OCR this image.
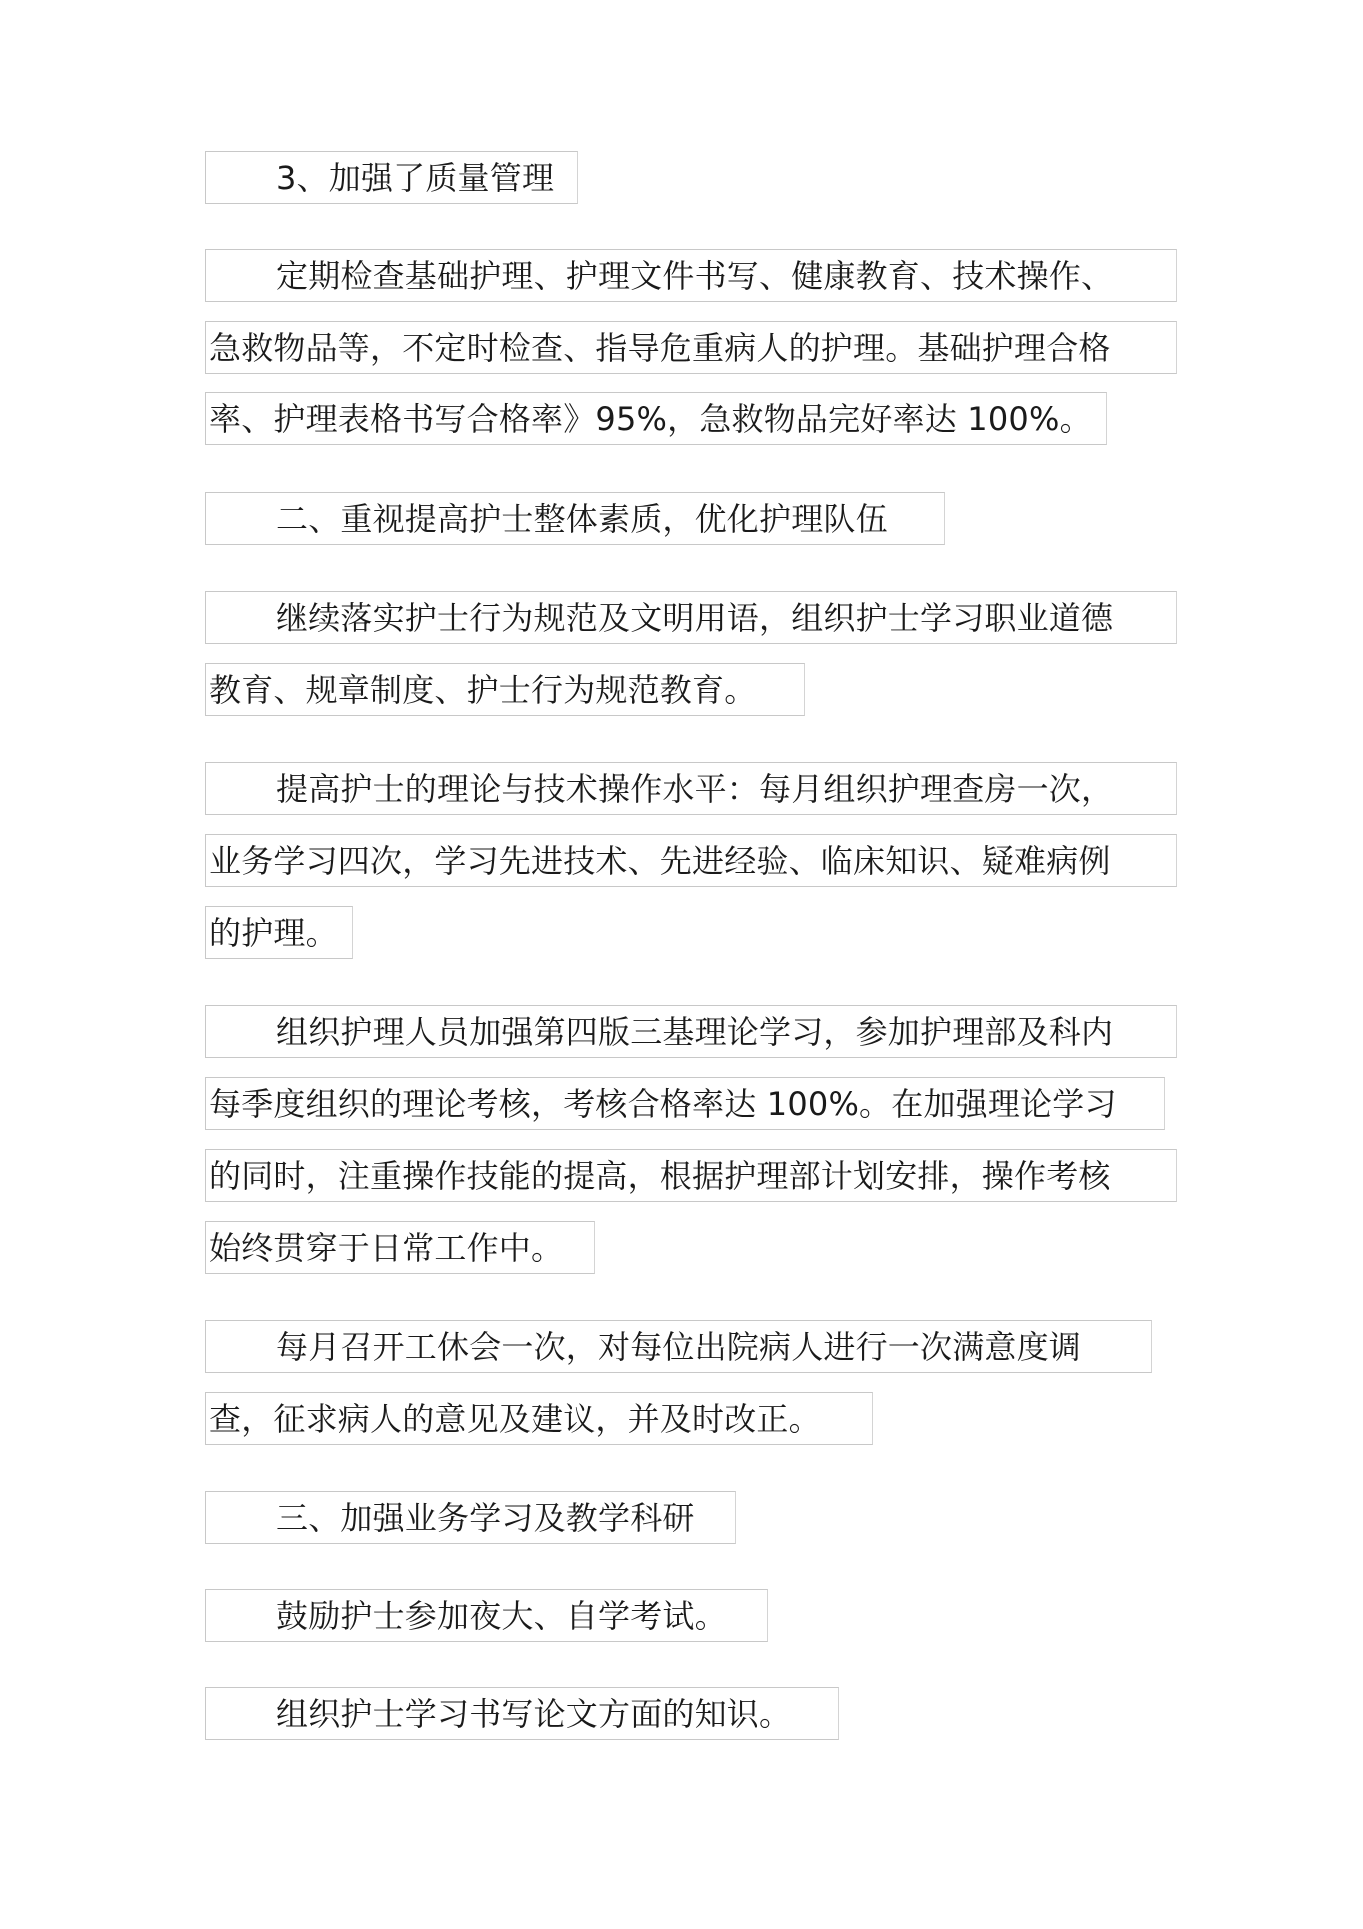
3、加强了质量管理
定期检查基础护理、护理文件书写、健康教育、技术操作、
急救物品等，不定时检查、指导危重病人的护理。基础护理合格
率、护理表格书写合格率》95%，急救物品完好率达 100%。
二、重视提高护士整体素质，优化护理队伍
继续落实护士行为规范及文明用语，组织护士学习职业道德
教育、规章制度、护士行为规范教育。
提高护士的理论与技术操作水平：每月组织护理查房一次，
业务学习四次，学习先进技术、先进经验、临床知识、疑难病例
的护理。
组织护理人员加强第四版三基理论学习，参加护理部及科内
每季度组织的理论考核，考核合格率达 100%。在加强理论学习
的同时，注重操作技能的提高，根据护理部计划安排，操作考核
始终贯穿于日常工作中。
每月召开工休会一次，对每位出院病人进行一次满意度调
查，征求病人的意见及建议，并及时改正。
三、加强业务学习及教学科研
鼓励护士参加夜大、自学考试。
组织护士学习书写论文方面的知识。
